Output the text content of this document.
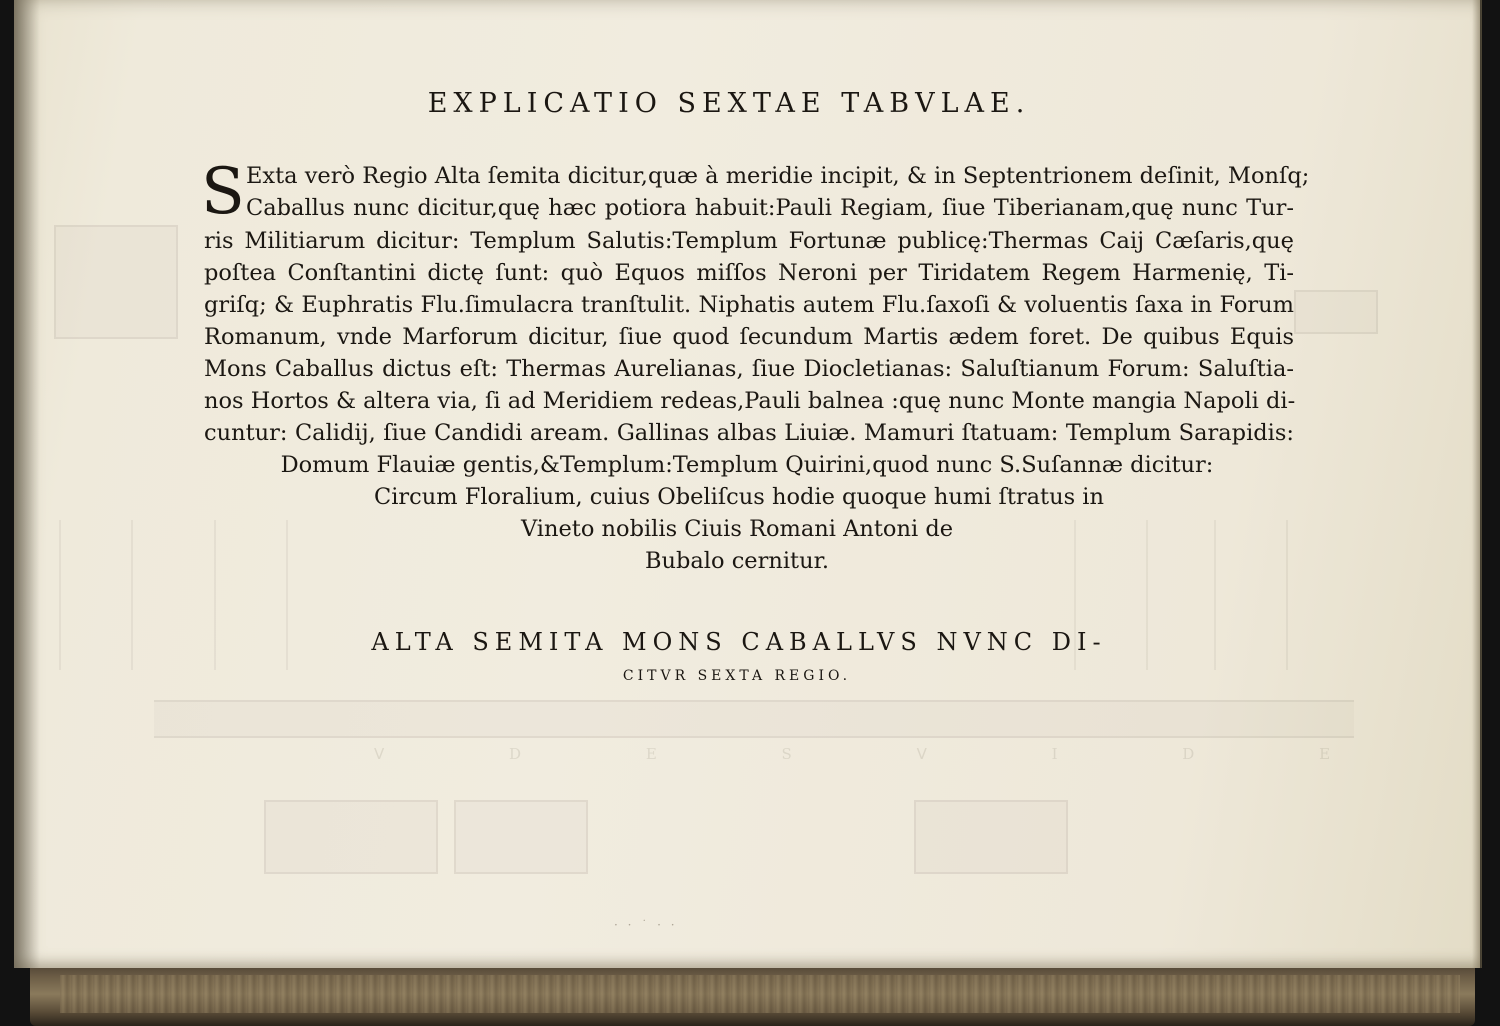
ᐯ D E S ᐯ I D E
EXPLICATIO SEXTAE TABVLAE.
S Exta verò Regio Alta ſemita dicitur,quæ à meridie incipit, & in Septentrionem deſinit, Monſq;
Caballus nunc dicitur,quę hæc potiora habuit:Pauli Regiam, ſiue Tiberianam,quę nunc Tur-
ris Militiarum dicitur: Templum Salutis:Templum Fortunæ publicę:Thermas Caij Cæſaris,quę
poſtea Conſtantini dictę ſunt: quò Equos miſſos Neroni per Tiridatem Regem Harmenię, Ti-
griſq; & Euphratis Flu.ſimulacra tranſtulit. Niphatis autem Flu.ſaxoſi & voluentis ſaxa in Forum
Romanum, vnde Marforum dicitur, ſiue quod ſecundum Martis ædem foret. De quibus Equis
Mons Caballus dictus eſt: Thermas Aurelianas, ſiue Diocletianas: Saluſtianum Forum: Saluſtia-
nos Hortos & altera via, ſi ad Meridiem redeas,Pauli balnea :quę nunc Monte mangia Napoli di-
cuntur: Calidij, ſiue Candidi aream. Gallinas albas Liuiæ. Mamuri ſtatuam: Templum Sarapidis:
Domum Flauiæ gentis,&Templum:Templum Quirini,quod nunc S.Suſannæ dicitur:
Circum Floralium, cuius Obeliſcus hodie quoque humi ſtratus in
Vineto nobilis Ciuis Romani Antoni de
Bubalo cernitur.
ALTA SEMITA MONS CABALLVS NVNC DI-
CITVR SEXTA REGIO.
· · ˙ · ·
